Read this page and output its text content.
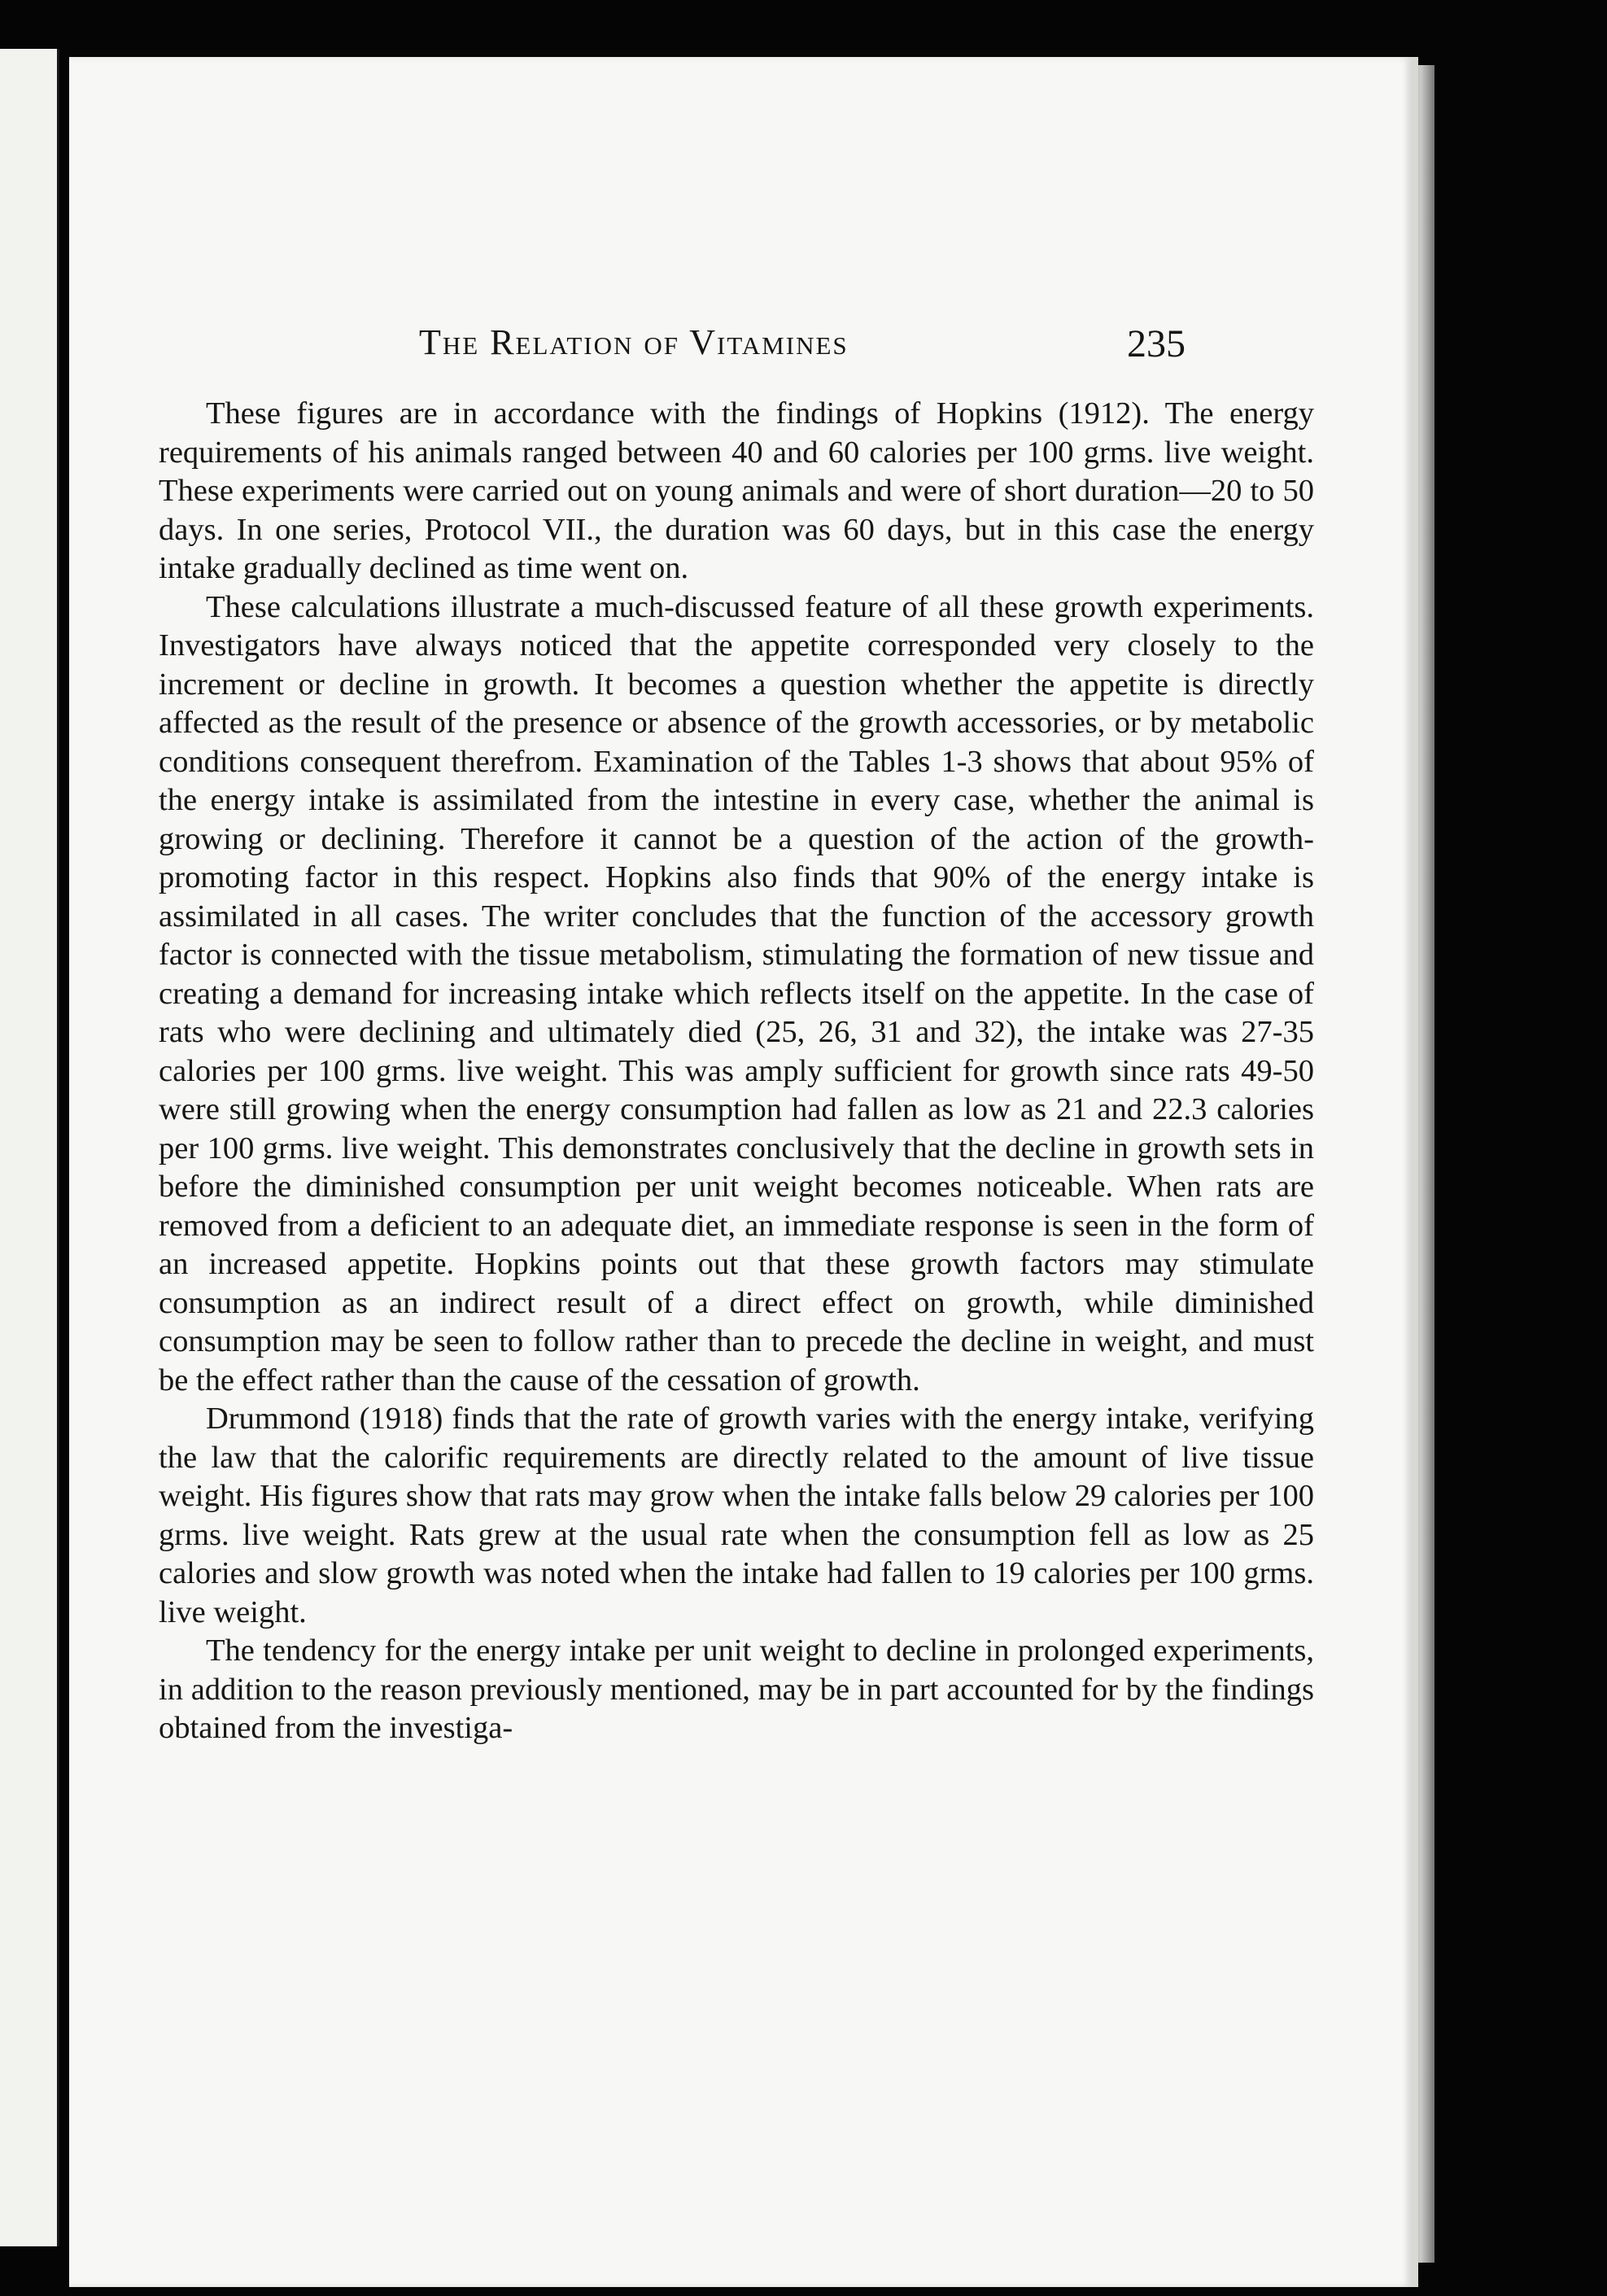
The Relation of Vitamines	235

These figures are in accordance with the findings of Hopkins (1912). The energy requirements of his animals ranged between 40 and 60 calories per 100 grms. live weight. These experiments were carried out on young animals and were of short duration—20 to 50 days. In one series, Protocol VII., the duration was 60 days, but in this case the energy intake gradually declined as time went on.

These calculations illustrate a much-discussed feature of all these growth experiments. Investigators have always noticed that the appetite corresponded very closely to the increment or decline in growth. It becomes a question whether the appetite is directly affected as the result of the presence or absence of the growth accessories, or by metabolic conditions consequent therefrom. Examination of the Tables 1-3 shows that about 95% of the energy intake is assimilated from the intestine in every case, whether the animal is growing or declining. Therefore it cannot be a question of the action of the growth-promoting factor in this respect. Hopkins also finds that 90% of the energy intake is assimilated in all cases. The writer concludes that the function of the accessory growth factor is connected with the tissue metabolism, stimulating the formation of new tissue and creating a demand for increasing intake which reflects itself on the appetite. In the case of rats who were declining and ultimately died (25, 26, 31 and 32), the intake was 27-35 calories per 100 grms. live weight. This was amply sufficient for growth since rats 49-50 were still growing when the energy consumption had fallen as low as 21 and 22.3 calories per 100 grms. live weight. This demonstrates conclusively that the decline in growth sets in before the diminished consumption per unit weight becomes noticeable. When rats are removed from a deficient to an adequate diet, an immediate response is seen in the form of an increased appetite. Hopkins points out that these growth factors may stimulate consumption as an indirect result of a direct effect on growth, while diminished consumption may be seen to follow rather than to precede the decline in weight, and must be the effect rather than the cause of the cessation of growth.

Drummond (1918) finds that the rate of growth varies with the energy intake, verifying the law that the calorific requirements are directly related to the amount of live tissue weight. His figures show that rats may grow when the intake falls below 29 calories per 100 grms. live weight. Rats grew at the usual rate when the consumption fell as low as 25 calories and slow growth was noted when the intake had fallen to 19 calories per 100 grms. live weight.

The tendency for the energy intake per unit weight to decline in prolonged experiments, in addition to the reason previously mentioned, may be in part accounted for by the findings obtained from the investiga-
